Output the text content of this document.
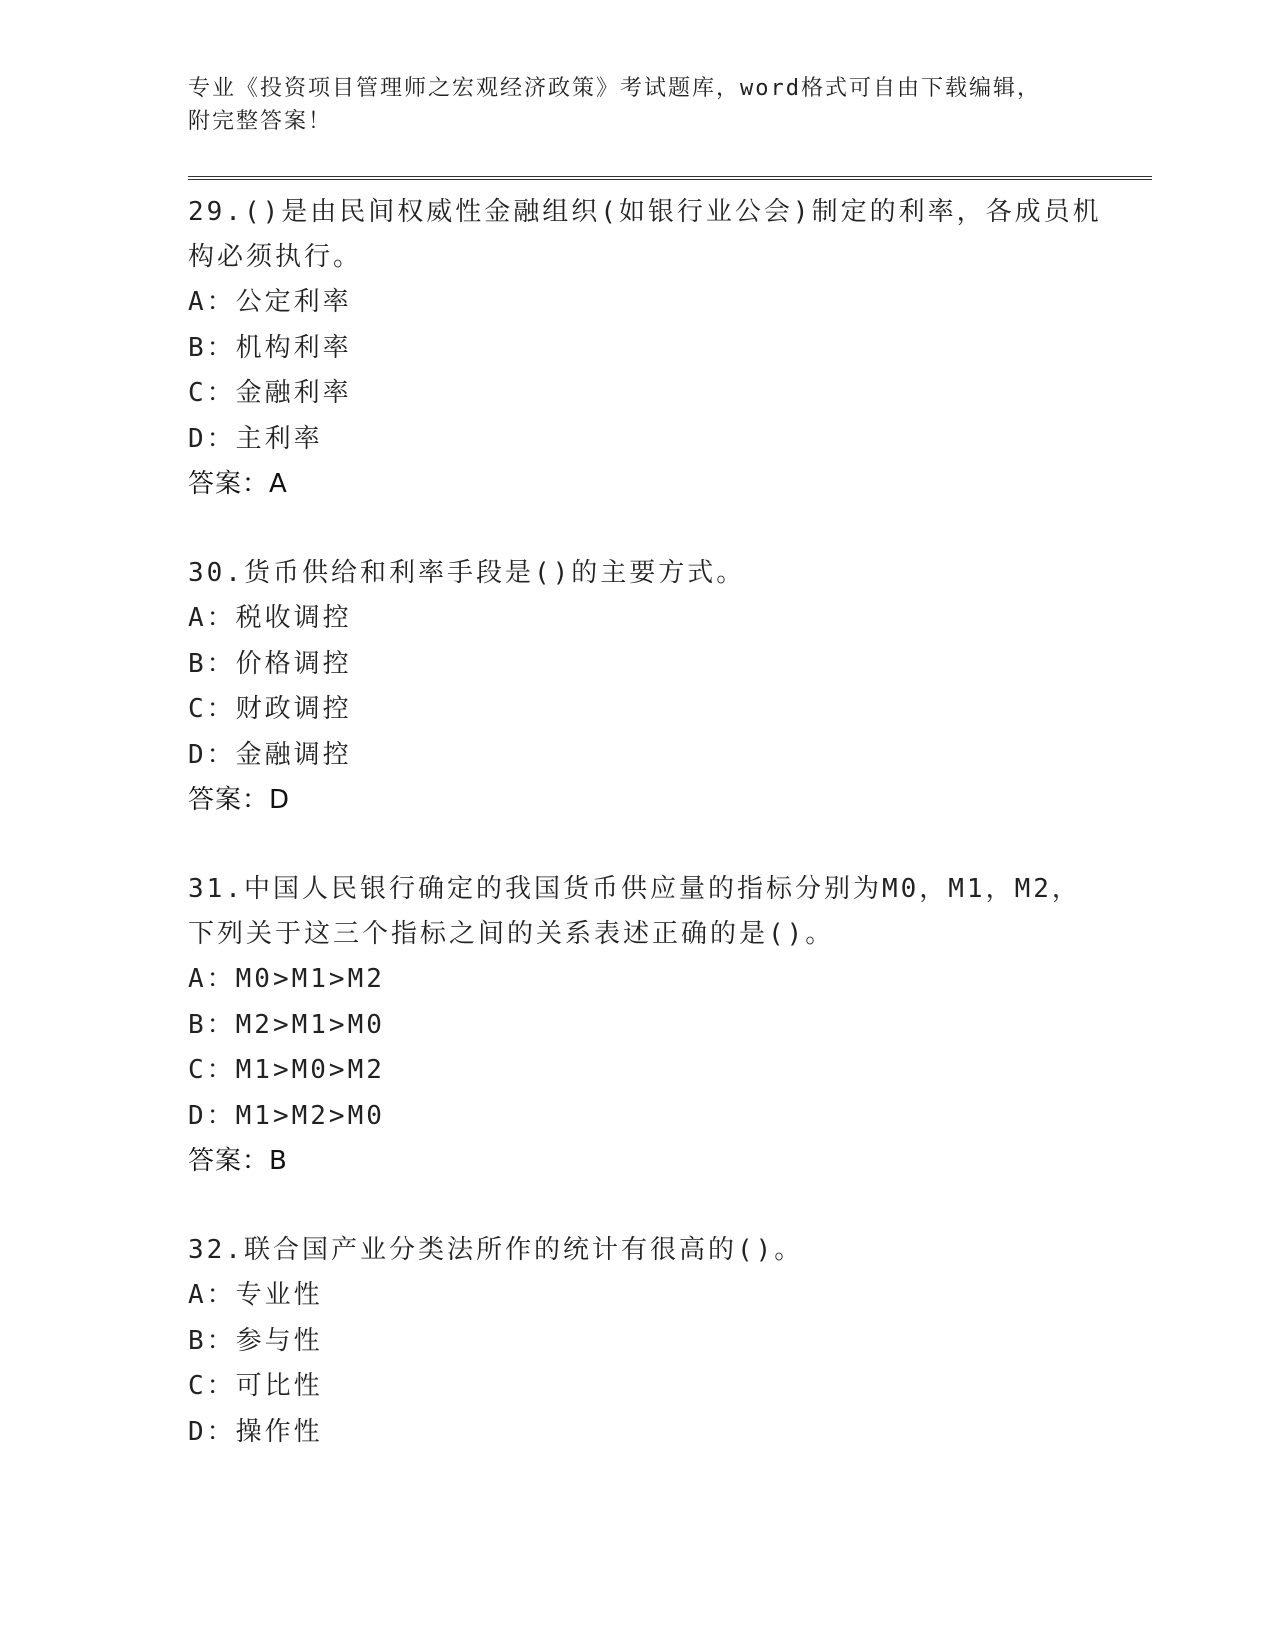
专业《投资项目管理师之宏观经济政策》考试题库，word格式可自由下载编辑，
附完整答案！

29.()是由民间权威性金融组织(如银行业公会)制定的利率，各成员机构必须执行。

A：公定利率

B：机构利率

C：金融利率

D：主利率

答案：A

30.货币供给和利率手段是()的主要方式。

A：税收调控

B：价格调控

C：财政调控

D：金融调控

答案：D

31.中国人民银行确定的我国货币供应量的指标分别为M0，M1，M2，下列关于这三个指标之间的关系表述正确的是()。

A：M0>M1>M2

B：M2>M1>M0

C：M1>M0>M2

D：M1>M2>M0

答案：B

32.联合国产业分类法所作的统计有很高的()。

A：专业性

B：参与性

C：可比性

D：操作性
